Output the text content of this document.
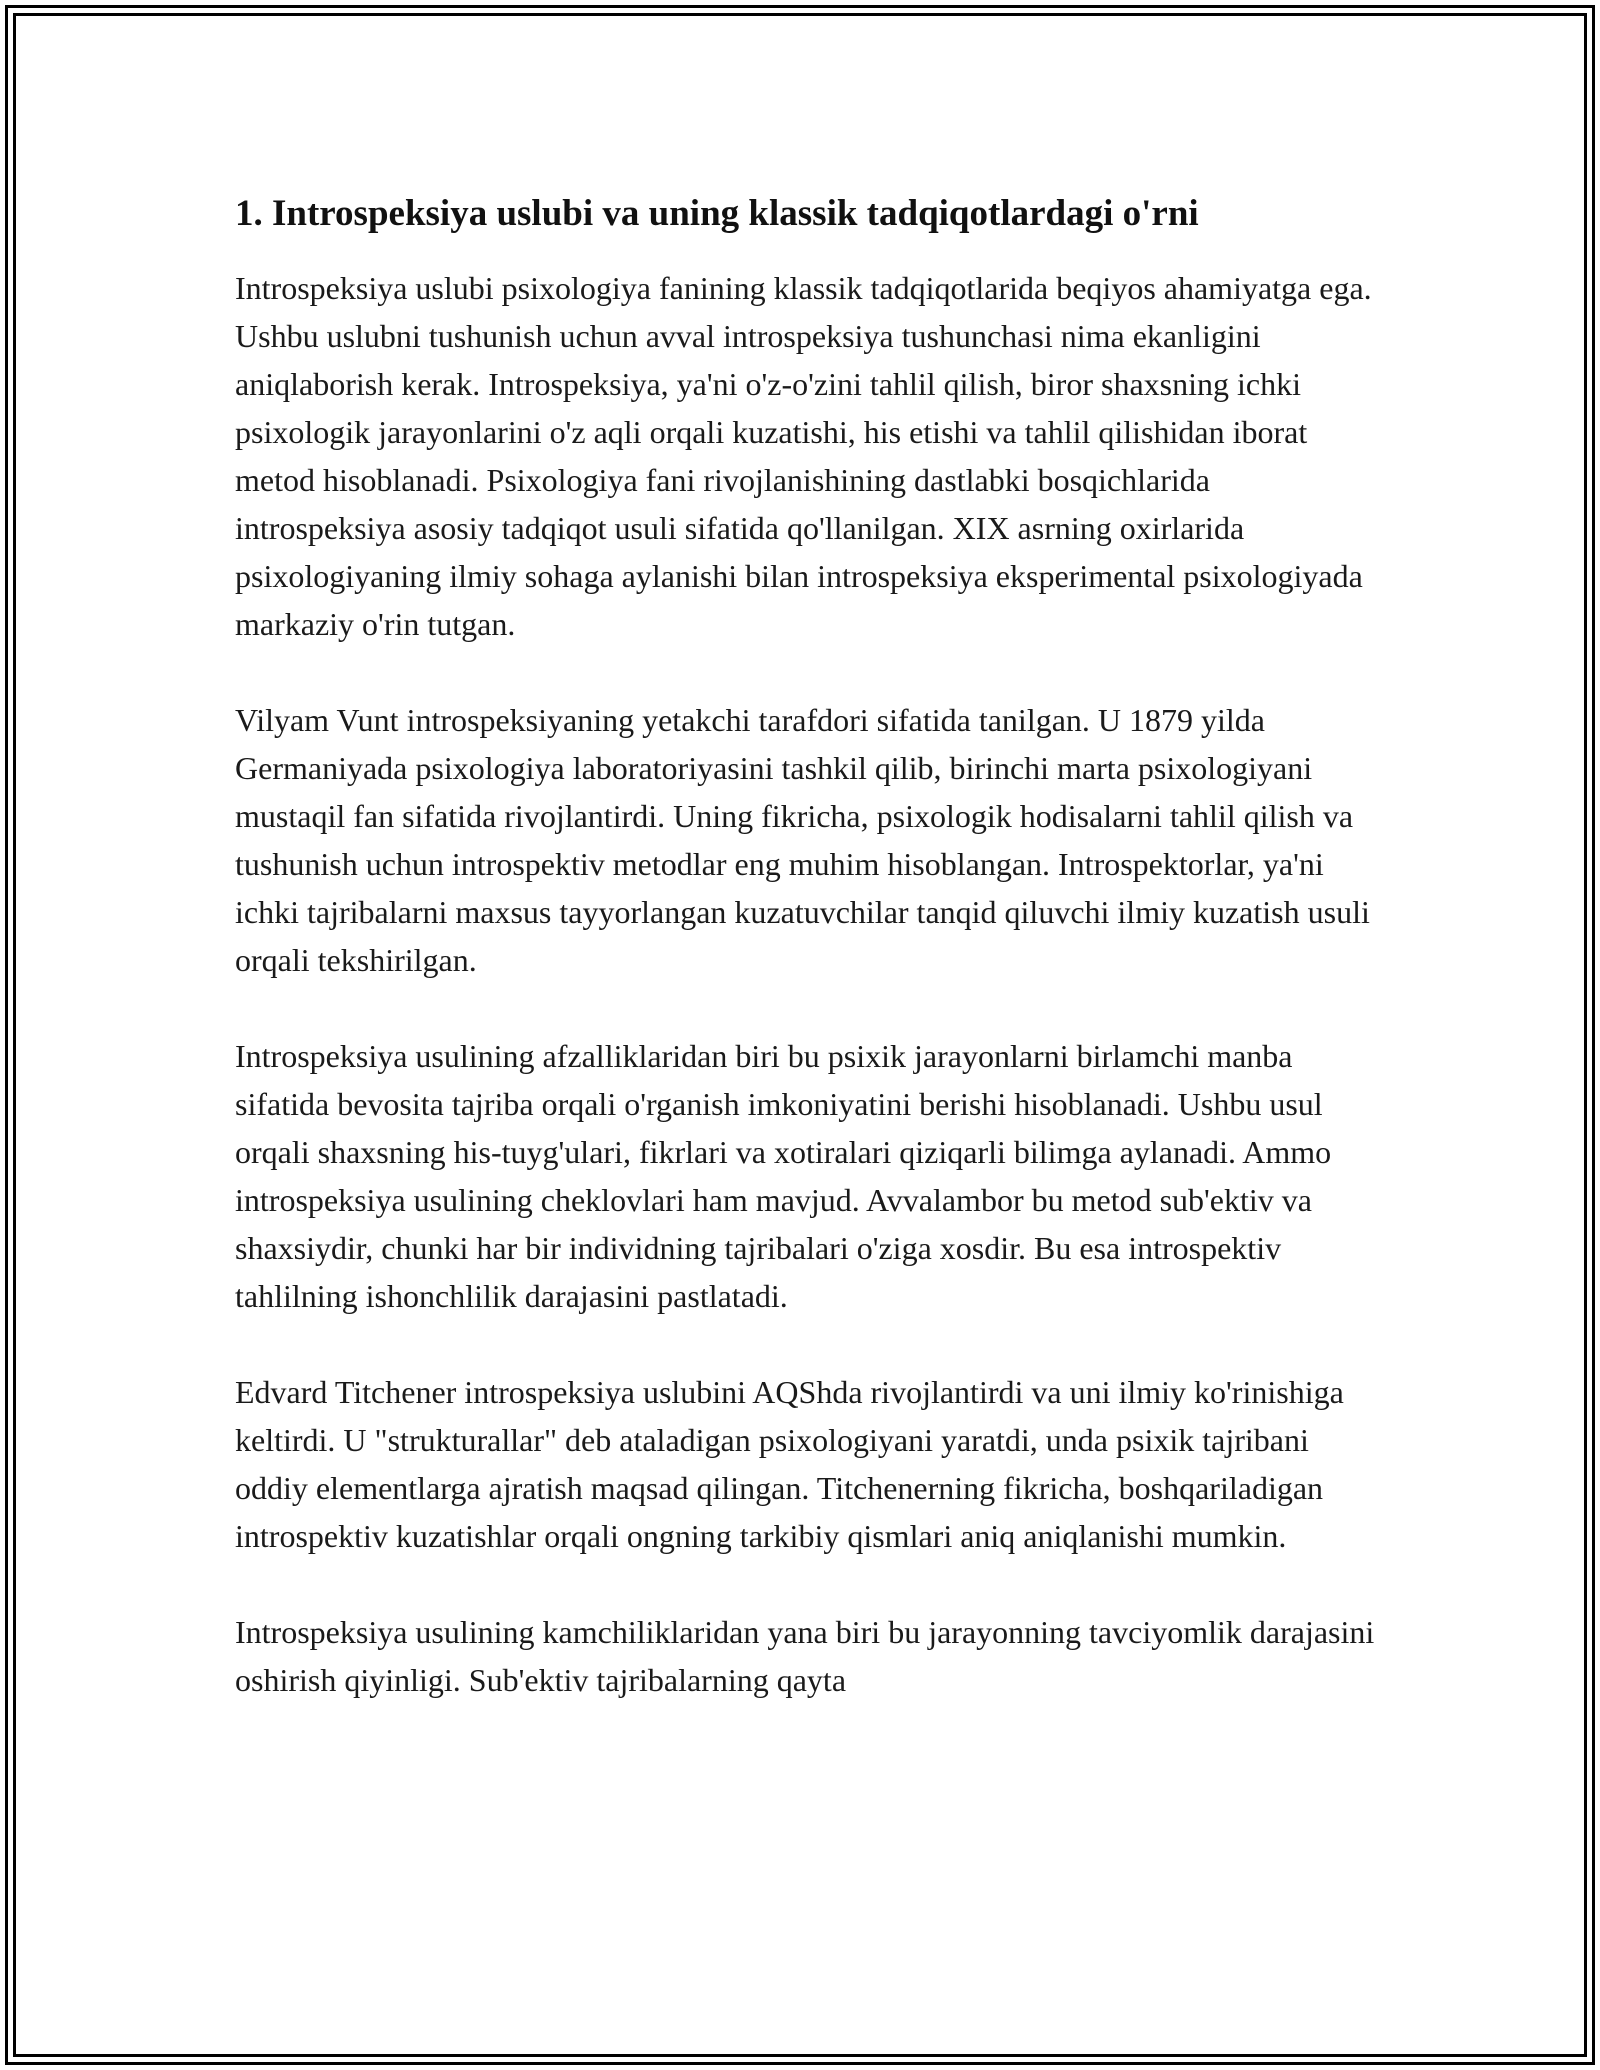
1. Introspeksiya uslubi va uning klassik tadqiqotlardagi o'rni

Introspeksiya uslubi psixologiya fanining klassik tadqiqotlarida beqiyos ahamiyatga ega. Ushbu uslubni tushunish uchun avval introspeksiya tushunchasi nima ekanligini aniqlaborish kerak. Introspeksiya, ya'ni o'z-o'zini tahlil qilish, biror shaxsning ichki psixologik jarayonlarini o'z aqli orqali kuzatishi, his etishi va tahlil qilishidan iborat metod hisoblanadi. Psixologiya fani rivojlanishining dastlabki bosqichlarida introspeksiya asosiy tadqiqot usuli sifatida qo'llanilgan. XIX asrning oxirlarida psixologiyaning ilmiy sohaga aylanishi bilan introspeksiya eksperimental psixologiyada markaziy o'rin tutgan.

Vilyam Vunt introspeksiyaning yetakchi tarafdori sifatida tanilgan. U 1879 yilda Germaniyada psixologiya laboratoriyasini tashkil qilib, birinchi marta psixologiyani mustaqil fan sifatida rivojlantirdi. Uning fikricha, psixologik hodisalarni tahlil qilish va tushunish uchun introspektiv metodlar eng muhim hisoblangan. Introspektorlar, ya'ni ichki tajribalarni maxsus tayyorlangan kuzatuvchilar tanqid qiluvchi ilmiy kuzatish usuli orqali tekshirilgan.

Introspeksiya usulining afzalliklaridan biri bu psixik jarayonlarni birlamchi manba sifatida bevosita tajriba orqali o'rganish imkoniyatini berishi hisoblanadi. Ushbu usul orqali shaxsning his-tuyg'ulari, fikrlari va xotiralari qiziqarli bilimga aylanadi. Ammo introspeksiya usulining cheklovlari ham mavjud. Avvalambor bu metod sub'ektiv va shaxsiydir, chunki har bir individning tajribalari o'ziga xosdir. Bu esa introspektiv tahlilning ishonchlilik darajasini pastlatadi.

Edvard Titchener introspeksiya uslubini AQShda rivojlantirdi va uni ilmiy ko'rinishiga keltirdi. U "strukturallar" deb ataladigan psixologiyani yaratdi, unda psixik tajribani oddiy elementlarga ajratish maqsad qilingan. Titchenerning fikricha, boshqariladigan introspektiv kuzatishlar orqali ongning tarkibiy qismlari aniq aniqlanishi mumkin.

Introspeksiya usulining kamchiliklaridan yana biri bu jarayonning tavciyomlik darajasini oshirish qiyinligi. Sub'ektiv tajribalarning qayta
